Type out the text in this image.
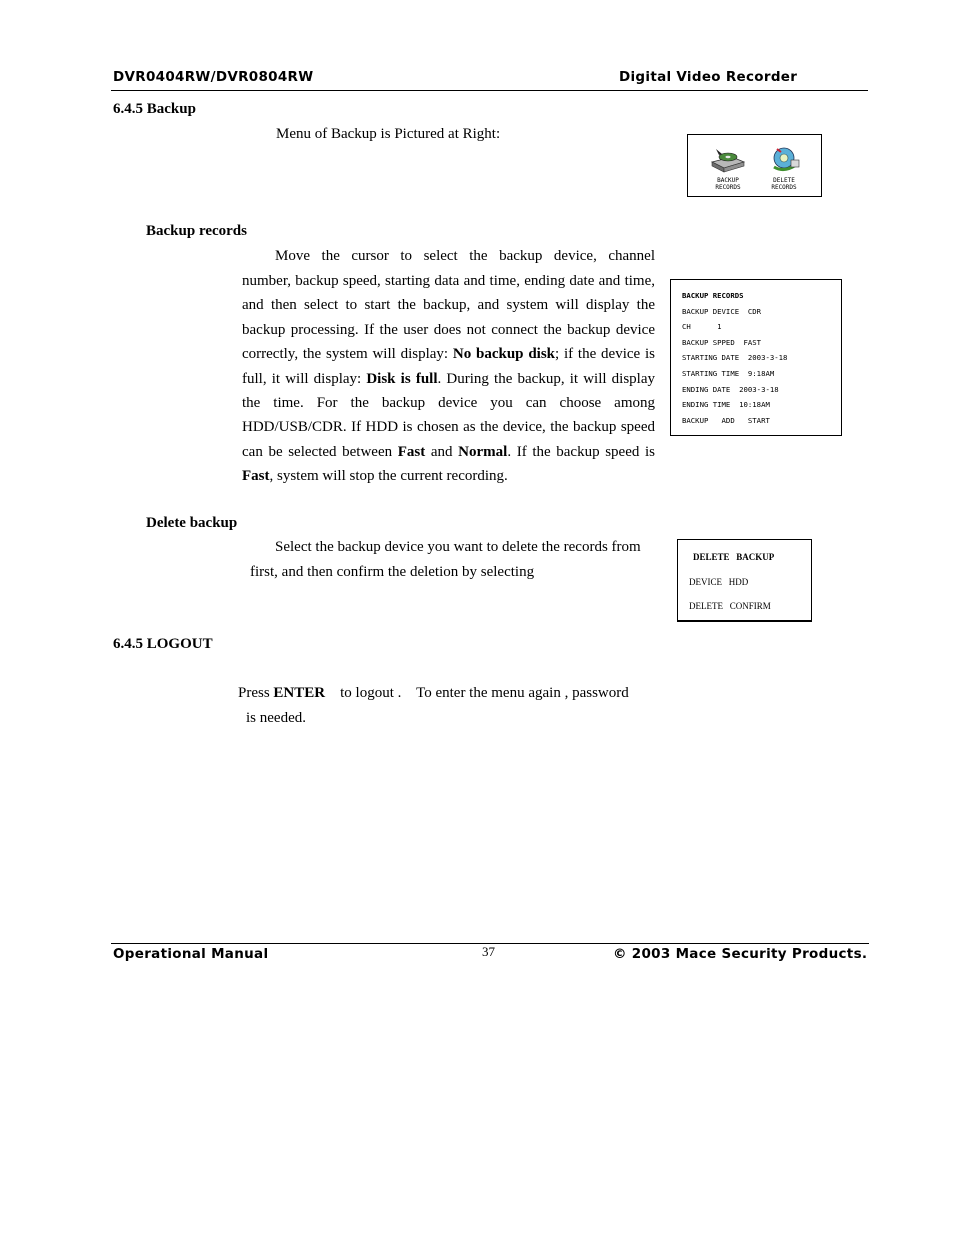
DVR0404RW/DVR0804RW	Digital Video Recorder
6.4.5 Backup
Menu of Backup is Pictured at Right:
BACKUP
RECORDS
DELETE
RECORDS
Backup records
Move the cursor to select the backup device, channel
number, backup speed, starting data and time, ending date and time, and then select to start the backup, and system will display the backup processing. If the user does not connect the backup device correctly, the system will display: No backup disk; if the device is full, it will display: Disk is full. During the backup, it will display the time. For the backup device you can choose among HDD/USB/CDR. If HDD is chosen as the device, the backup speed can be selected between Fast and Normal. If the backup speed is Fast, system will stop the current recording.
BACKUP RECORDS
BACKUP DEVICE  CDR
CH      1
BACKUP SPPED  FAST
STARTING DATE  2003-3-18
STARTING TIME  9:18AM
ENDING DATE  2003-3-18
ENDING TIME  10:18AM
BACKUP   ADD   START
Delete backup
Select the backup device you want to delete the records from
first, and then confirm the deletion by selecting
DELETE   BACKUP
DEVICE   HDD
DELETE   CONFIRM
6.4.5 LOGOUT
Press ENTER    to logout .    To enter the menu again , password
is needed.
Operational Manual	37	© 2003 Mace Security Products.
